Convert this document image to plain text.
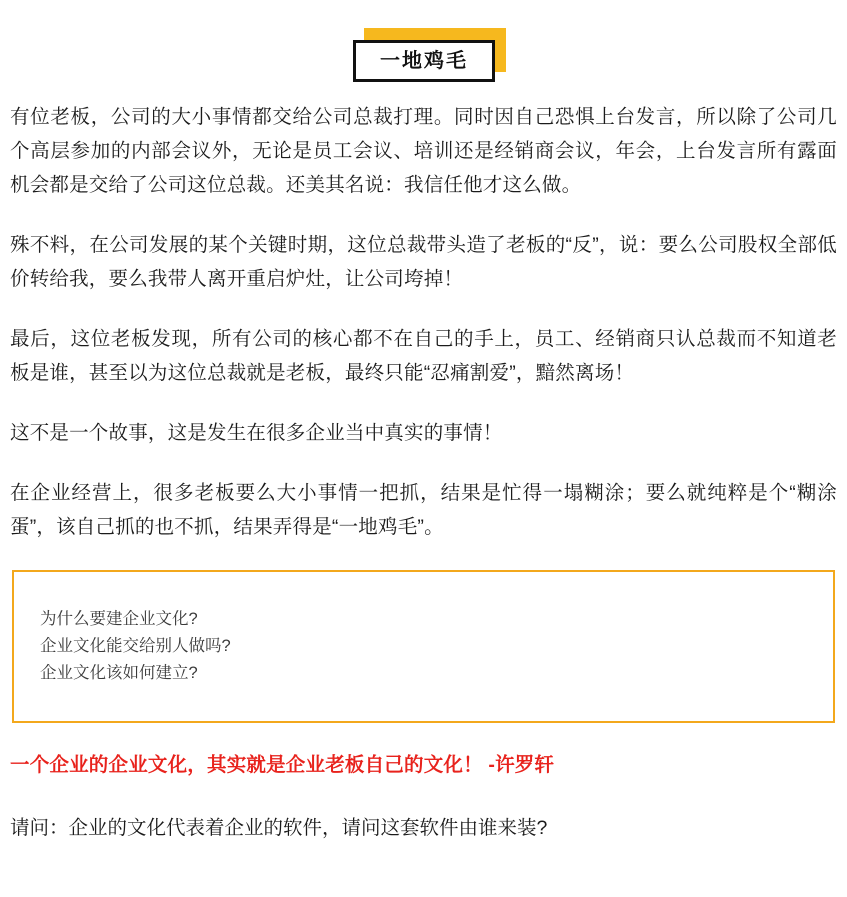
一地鸡毛

有位老板，公司的大小事情都交给公司总裁打理。同时因自己恐惧上台发言，所以除了公司几个高层参加的内部会议外，无论是员工会议、培训还是经销商会议，年会，上台发言所有露面机会都是交给了公司这位总裁。还美其名说：我信任他才这么做。

殊不料，在公司发展的某个关键时期，这位总裁带头造了老板的“反”，说：要么公司股权全部低价转给我，要么我带人离开重启炉灶，让公司垮掉！

最后，这位老板发现，所有公司的核心都不在自己的手上，员工、经销商只认总裁而不知道老板是谁，甚至以为这位总裁就是老板，最终只能“忍痛割爱”，黯然离场！

这不是一个故事，这是发生在很多企业当中真实的事情！

在企业经营上，很多老板要么大小事情一把抓，结果是忙得一塌糊涂；要么就纯粹是个“糊涂蛋”，该自己抓的也不抓，结果弄得是“一地鸡毛”。

为什么要建企业文化?

企业文化能交给别人做吗?

企业文化该如何建立?

一个企业的企业文化，其实就是企业老板自己的文化！ -许罗轩

请问：企业的文化代表着企业的软件，请问这套软件由谁来装?
